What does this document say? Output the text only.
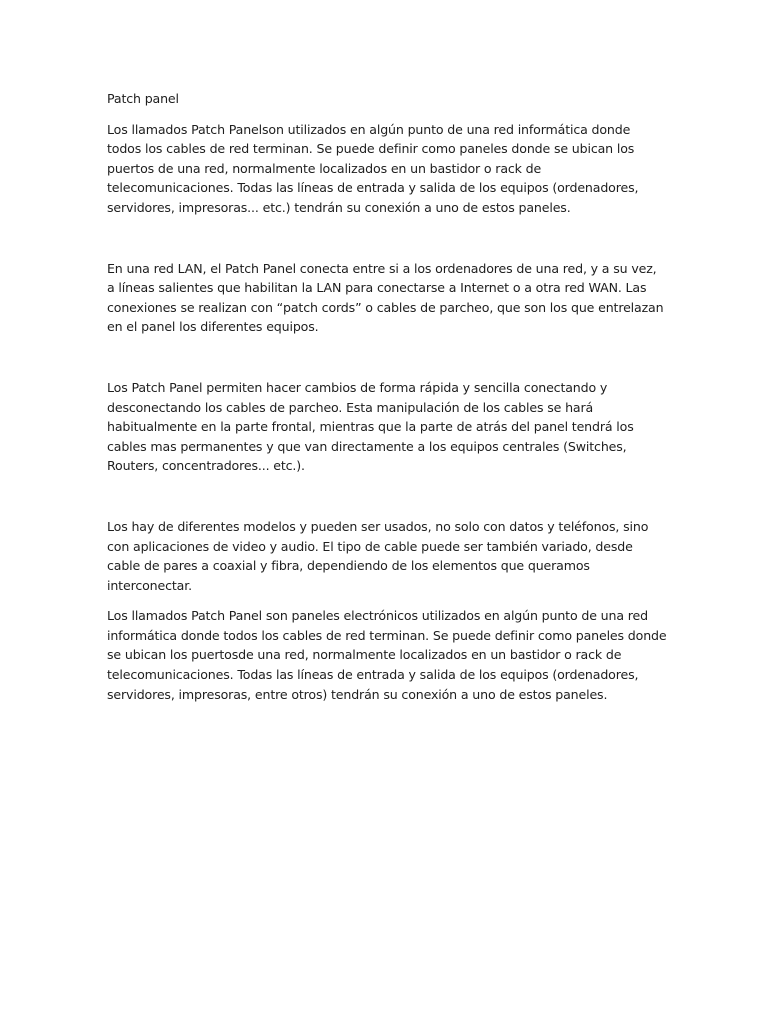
Patch panel

Los llamados Patch Panelson utilizados en algún punto de una red informática donde todos los cables de red terminan. Se puede definir como paneles donde se ubican los puertos de una red, normalmente localizados en un bastidor o rack de telecomunicaciones. Todas las líneas de entrada y salida de los equipos (ordenadores, servidores, impresoras... etc.) tendrán su conexión a uno de estos paneles.

En una red LAN, el Patch Panel conecta entre si a los ordenadores de una red, y a su vez, a líneas salientes que habilitan la LAN para conectarse a Internet o a otra red WAN. Las conexiones se realizan con “patch cords” o cables de parcheo, que son los que entrelazan en el panel los diferentes equipos.

Los Patch Panel permiten hacer cambios de forma rápida y sencilla conectando y desconectando los cables de parcheo. Esta manipulación de los cables se hará habitualmente en la parte frontal, mientras que la parte de atrás del panel tendrá los cables mas permanentes y que van directamente a los equipos centrales (Switches, Routers, concentradores... etc.).

Los hay de diferentes modelos y pueden ser usados, no solo con datos y teléfonos, sino con aplicaciones de video y audio. El tipo de cable puede ser también variado, desde cable de pares a coaxial y fibra, dependiendo de los elementos que queramos interconectar.

Los llamados Patch Panel son paneles electrónicos utilizados en algún punto de una red informática donde todos los cables de red terminan. Se puede definir como paneles donde se ubican los puertosde una red, normalmente localizados en un bastidor o rack de telecomunicaciones. Todas las líneas de entrada y salida de los equipos (ordenadores, servidores, impresoras, entre otros) tendrán su conexión a uno de estos paneles.
